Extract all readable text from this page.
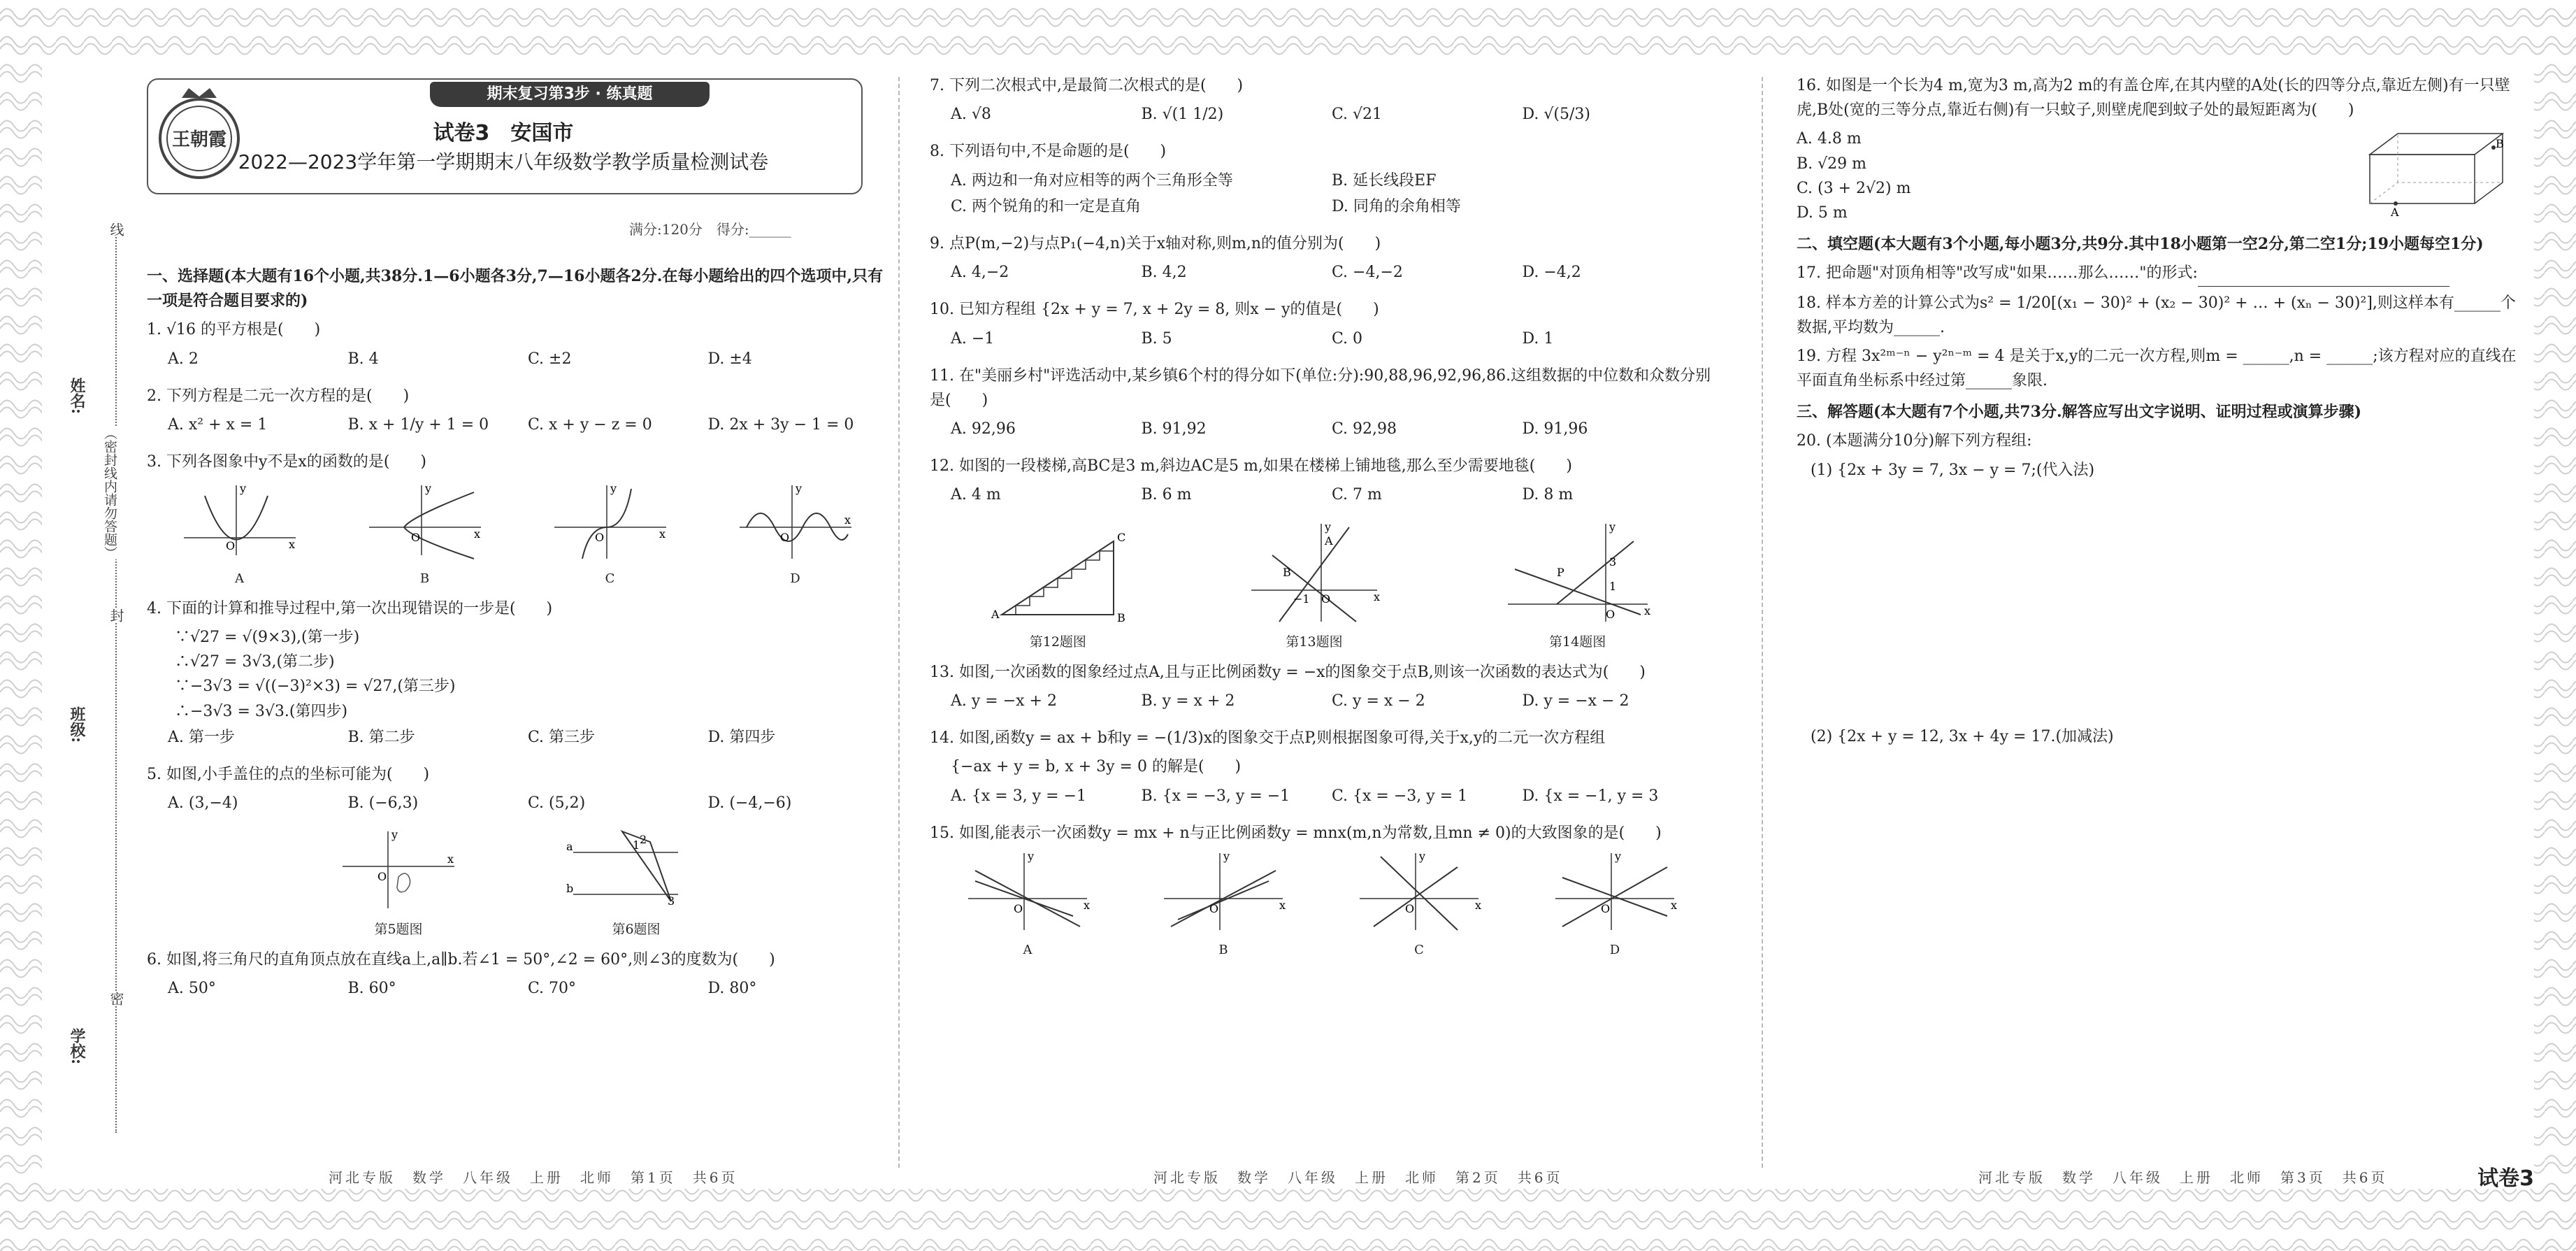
姓名:
班级:
学校:
线
封
密
（密封线内请勿答题）
王朝霞
期末复习第3步 · 练真题
试卷3　安国市
2022—2023学年第一学期期末八年级数学教学质量检测试卷
满分:120分　得分:______
一、选择题(本大题有16个小题,共38分.1—6小题各3分,7—16小题各2分.在每小题给出的四个选项中,只有一项是符合题目要求的)
1. √16 的平方根是(　　)
A. 2	B. 4	C. ±2	D. ±4
2. 下列方程是二元一次方程的是(　　)
A. x² + x = 1	B. x + 1/y + 1 = 0	C. x + y − z = 0	D. 2x + 3y − 1 = 0
3. 下列各图象中y不是x的函数的是(　　)
O	x
y
A
O	x
y
B
O	x
y
C
O
x
y
D
4. 下面的计算和推导过程中,第一次出现错误的一步是(　　)
∵√27 = √(9×3),(第一步)
∴√27 = 3√3,(第二步)
∵−3√3 = √((−3)²×3) = √27,(第三步)
∴−3√3 = 3√3.(第四步)
A. 第一步	B. 第二步	C. 第三步	D. 第四步
5. 如图,小手盖住的点的坐标可能为(　　)
A. (3,−4)	B. (−6,3)	C. (5,2)	D. (−4,−6)
O
x
y
第5题图
a
b
1 2
3
第6题图
6. 如图,将三角尺的直角顶点放在直线a上,a∥b.若∠1 = 50°,∠2 = 60°,则∠3的度数为(　　)
A. 50°	B. 60°	C. 70°	D. 80°
河北专版　数学　八年级　上册　北师　第1页　共6页
7. 下列二次根式中,是最简二次根式的是(　　)
A. √8	B. √(1 1/2)	C. √21	D. √(5/3)
8. 下列语句中,不是命题的是(　　)
A. 两边和一角对应相等的两个三角形全等	B. 延长线段EF
C. 两个锐角的和一定是直角	D. 同角的余角相等
9. 点P(m,−2)与点P₁(−4,n)关于x轴对称,则m,n的值分别为(　　)
A. 4,−2	B. 4,2	C. −4,−2	D. −4,2
10. 已知方程组 {2x + y = 7, x + 2y = 8, 则x − y的值是(　　)
A. −1	B. 5	C. 0	D. 1
11. 在"美丽乡村"评选活动中,某乡镇6个村的得分如下(单位:分):90,88,96,92,96,86.这组数据的中位数和众数分别是(　　)
A. 92,96	B. 91,92	C. 92,98	D. 91,96
12. 如图的一段楼梯,高BC是3 m,斜边AC是5 m,如果在楼梯上铺地毯,那么至少需要地毯(　　)
A. 4 m	B. 6 m	C. 7 m	D. 8 m
A	B
C
第12题图
A
B
−1 O	x
y
第13题图
P
3
1
O	x
y
第14题图
13. 如图,一次函数的图象经过点A,且与正比例函数y = −x的图象交于点B,则该一次函数的表达式为(　　)
A. y = −x + 2	B. y = x + 2	C. y = x − 2	D. y = −x − 2
14. 如图,函数y = ax + b和y = −(1/3)x的图象交于点P,则根据图象可得,关于x,y的二元一次方程组
{−ax + y = b, x + 3y = 0 的解是(　　)
A. {x = 3, y = −1	B. {x = −3, y = −1	C. {x = −3, y = 1	D. {x = −1, y = 3
15. 如图,能表示一次函数y = mx + n与正比例函数y = mnx(m,n为常数,且mn ≠ 0)的大致图象的是(　　)
O	x
y
A
O	x
y
B
O	x
y
C
O	x
y
D
河北专版　数学　八年级　上册　北师　第2页　共6页
16. 如图是一个长为4 m,宽为3 m,高为2 m的有盖仓库,在其内壁的A处(长的四等分点,靠近左侧)有一只壁虎,B处(宽的三等分点,靠近右侧)有一只蚊子,则壁虎爬到蚊子处的最短距离为(　　)
A. 4.8 m
B. √29 m
C. (3 + 2√2) m
D. 5 m	A
B
二、填空题(本大题有3个小题,每小题3分,共9分.其中18小题第一空2分,第二空1分;19小题每空1分)
17. 把命题"对顶角相等"改写成"如果……那么……"的形式:
18. 样本方差的计算公式为s² = 1/20[(x₁ − 30)² + (x₂ − 30)² + … + (xₙ − 30)²],则这样本有______个数据,平均数为______.
19. 方程 3x²ᵐ⁻ⁿ − y²ⁿ⁻ᵐ = 4 是关于x,y的二元一次方程,则m = ______,n = ______;该方程对应的直线在平面直角坐标系中经过第______象限.
三、解答题(本大题有7个小题,共73分.解答应写出文字说明、证明过程或演算步骤)
20. (本题满分10分)解下列方程组:
(1) {2x + 3y = 7, 3x − y = 7;(代入法)
(2) {2x + y = 12, 3x + 4y = 17.(加减法)
河北专版　数学　八年级　上册　北师　第3页　共6页	试卷3
